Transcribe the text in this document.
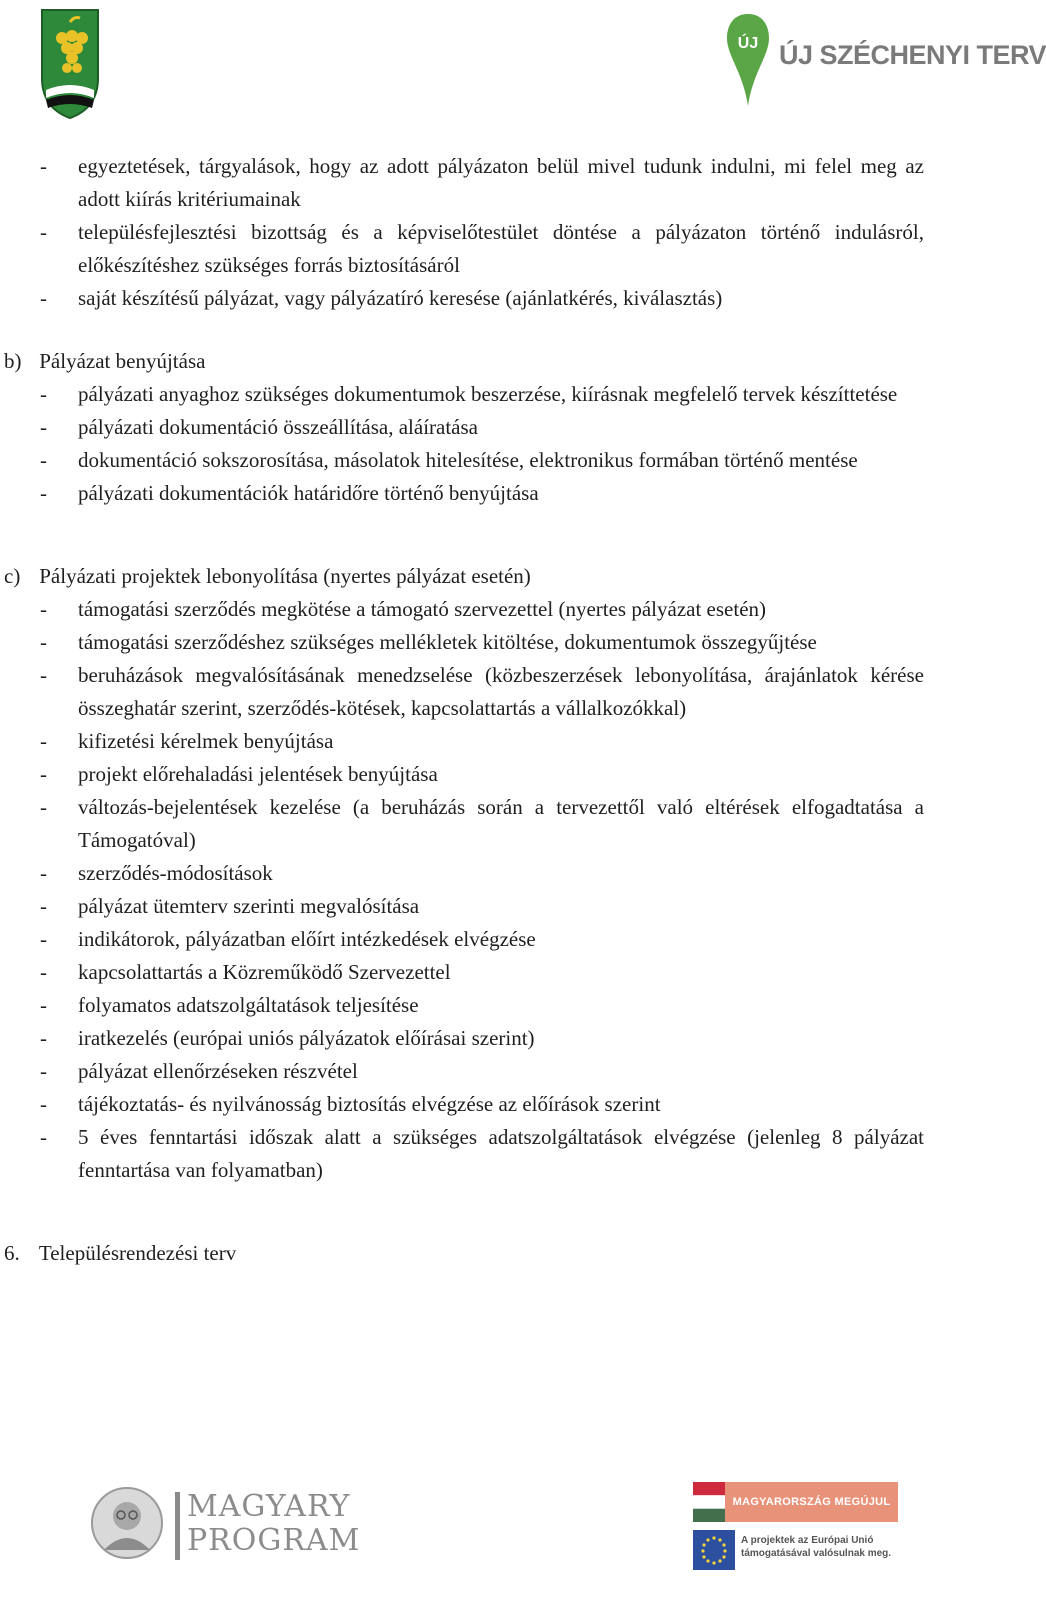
ÚJ ÚJ SZÉCHENYI TERV
- egyeztetések, tárgyalások, hogy az adott pályázaton belül mivel tudunk indulni, mi felel meg az adott kiírás kritériumainak
- településfejlesztési bizottság és a képviselőtestület döntése a pályázaton történő indulásról, előkészítéshez szükséges forrás biztosításáról
- saját készítésű pályázat, vagy pályázatíró keresése (ajánlatkérés, kiválasztás)
b) Pályázat benyújtása
- pályázati anyaghoz szükséges dokumentumok beszerzése, kiírásnak megfelelő tervek készíttetése
- pályázati dokumentáció összeállítása, aláíratása
- dokumentáció sokszorosítása, másolatok hitelesítése, elektronikus formában történő mentése
- pályázati dokumentációk határidőre történő benyújtása
c) Pályázati projektek lebonyolítása (nyertes pályázat esetén)
- támogatási szerződés megkötése a támogató szervezettel (nyertes pályázat esetén)
- támogatási szerződéshez szükséges mellékletek kitöltése, dokumentumok összegyűjtése
- beruházások megvalósításának menedzselése (közbeszerzések lebonyolítása, árajánlatok kérése összeghatár szerint, szerződés-kötések, kapcsolattartás a vállalkozókkal)
- kifizetési kérelmek benyújtása
- projekt előrehaladási jelentések benyújtása
- változás-bejelentések kezelése (a beruházás során a tervezettől való eltérések elfogadtatása a Támogatóval)
- szerződés-módosítások
- pályázat ütemterv szerinti megvalósítása
- indikátorok, pályázatban előírt intézkedések elvégzése
- kapcsolattartás a Közreműködő Szervezettel
- folyamatos adatszolgáltatások teljesítése
- iratkezelés (európai uniós pályázatok előírásai szerint)
- pályázat ellenőrzéseken részvétel
- tájékoztatás- és nyilvánosság biztosítás elvégzése az előírások szerint
- 5 éves fenntartási időszak alatt a szükséges adatszolgáltatások elvégzése (jelenleg 8 pályázat fenntartása van folyamatban)
6. Településrendezési terv
MAGYARY
PROGRAM
MAGYARORSZÁG MEGÚJUL
A projektek az Európai Unió támogatásával valósulnak meg.
